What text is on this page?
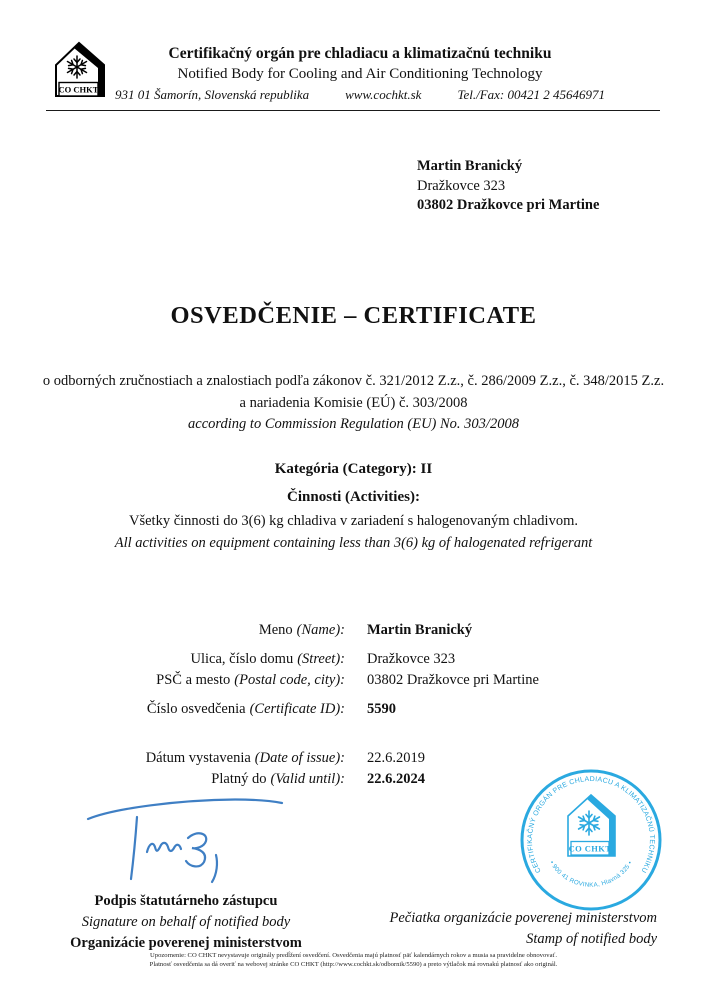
CO CHKT
Certifikačný orgán pre chladiacu a klimatizačnú techniku
Notified Body for Cooling and Air Conditioning Technology
931 01 Šamorín, Slovenská republika	www.cochkt.sk	Tel./Fax: 00421 2 45646971
Martin Branický
Dražkovce 323
03802 Dražkovce pri Martine
OSVEDČENIE – CERTIFICATE
o odborných zručnostiach a znalostiach podľa zákonov č. 321/2012 Z.z., č. 286/2009 Z.z., č. 348/2015 Z.z.
a nariadenia Komisie (EÚ) č. 303/2008
according to Commission Regulation (EU) No. 303/2008
Kategória (Category): II
Činnosti (Activities):
Všetky činnosti do 3(6) kg chladiva v zariadení s halogenovaným chladivom.
All activities on equipment containing less than 3(6) kg of halogenated refrigerant
Meno (Name): Martin Branický
Ulica, číslo domu (Street): Dražkovce 323
PSČ a mesto (Postal code, city): 03802 Dražkovce pri Martine
Číslo osvedčenia (Certificate ID): 5590
Dátum vystavenia (Date of issue): 22.6.2019
Platný do (Valid until): 22.6.2024
Podpis štatutárneho zástupcu
Signature on behalf of notified body
Organizácie poverenej ministerstvom
CERTIFIKAČNÝ ORGÁN PRE CHLADIACU A KLIMATIZAČNÚ TECHNIKU
• 900 41 ROVINKA, Hlavná 325 •
CO CHKT
Pečiatka organizácie poverenej ministerstvom
Stamp of notified body
Upozornenie: CO CHKT nevystavuje originály predĺžení osvedčení. Osvedčenia majú platnosť päť kalendárnych rokov a musia sa pravidelne obnovovať.
Platnosť osvedčenia sa dá overiť na webovej stránke CO CHKT (http://www.cochkt.sk/odbornik/5590) a preto výtlačok má rovnakú platnosť ako originál.
